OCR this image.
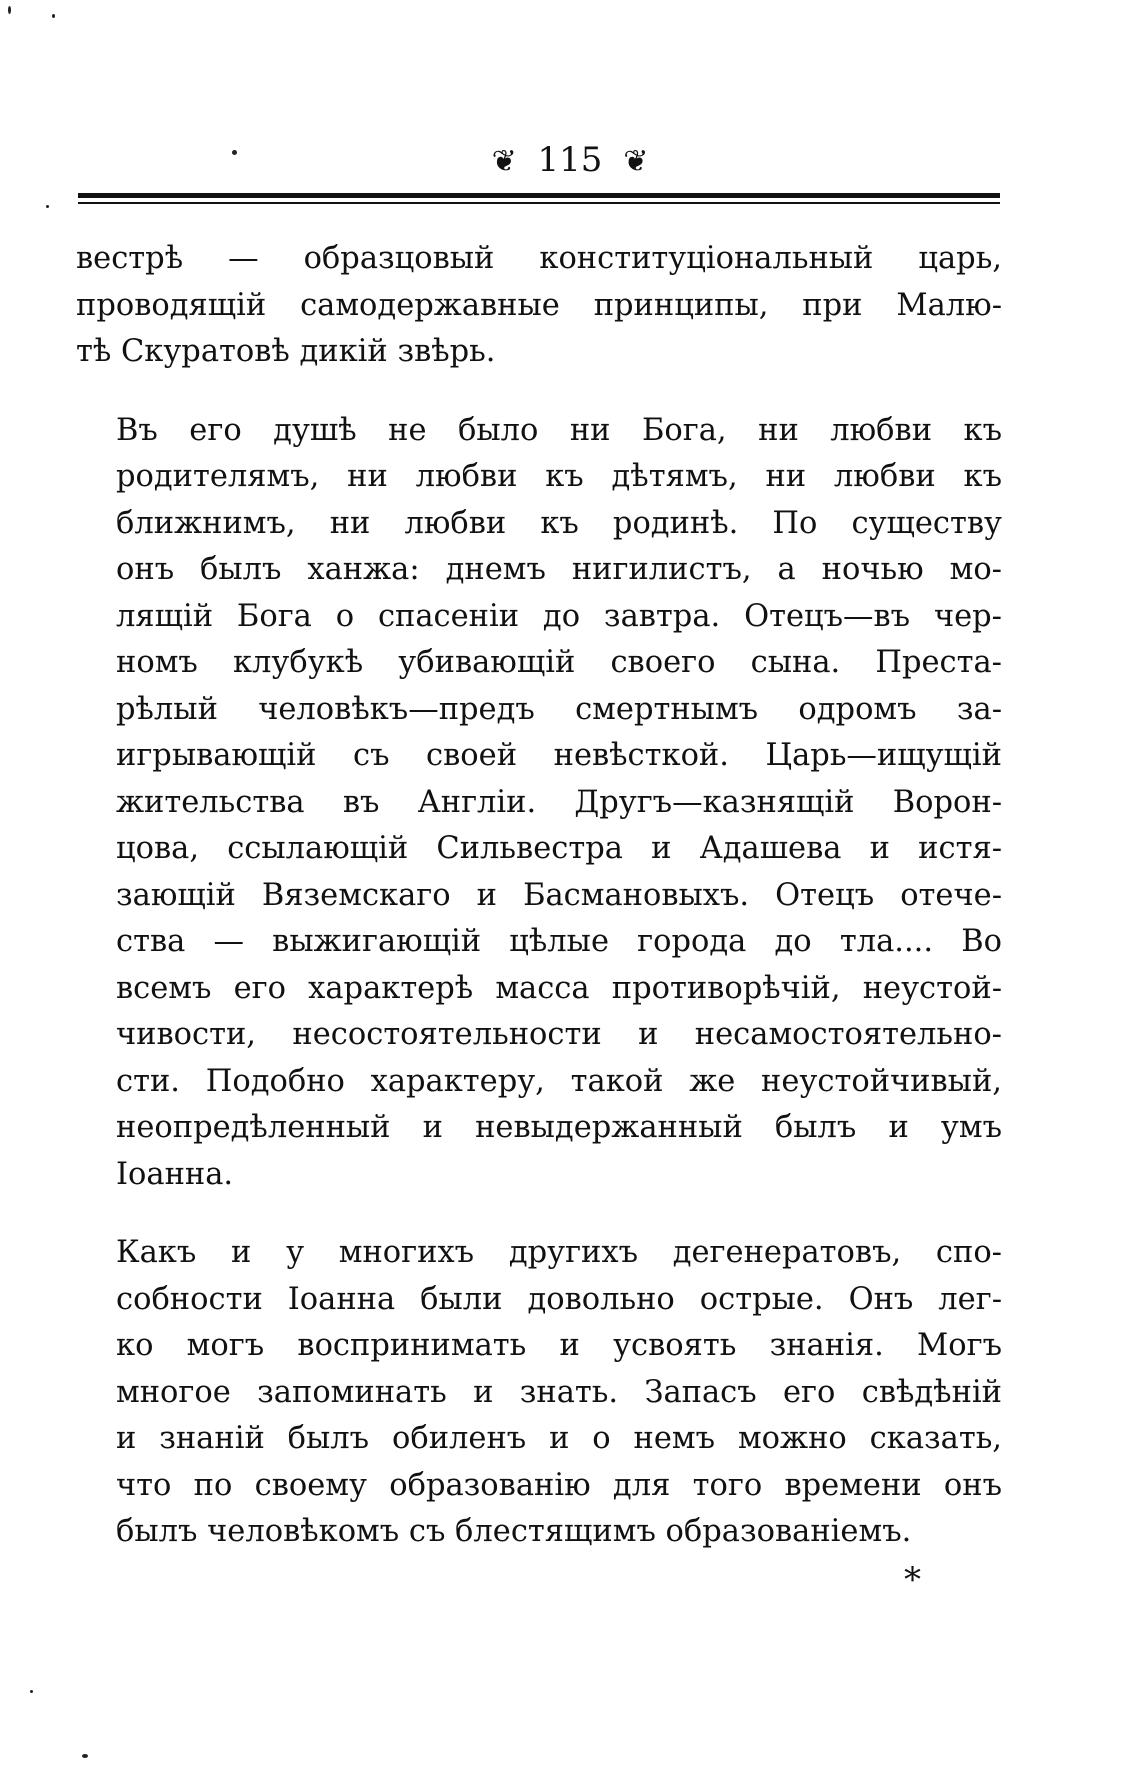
❦ 115 ❦

вестрѣ — образцовый конституціональный царь,
проводящій самодержавные принципы, при Малю-
тѣ Скуратовѣ дикій звѣрь.

Въ его душѣ не было ни Бога, ни любви къ
родителямъ, ни любви къ дѣтямъ, ни любви къ
ближнимъ, ни любви къ родинѣ. По существу
онъ былъ ханжа: днемъ нигилистъ, а ночью мо-
лящій Бога о спасеніи до завтра. Отецъ—въ чер-
номъ клубукѣ убивающій своего сына. Преста-
рѣлый человѣкъ—предъ смертнымъ одромъ за-
игрывающій съ своей невѣсткой. Царь—ищущій
жительства въ Англіи. Другъ—казнящій Ворон-
цова, ссылающій Сильвестра и Адашева и истя-
зающій Вяземскаго и Басмановыхъ. Отецъ отече-
ства — выжигающій цѣлые города до тла.... Во
всемъ его характерѣ масса противорѣчій, неустой-
чивости, несостоятельности и несамостоятельно-
сти. Подобно характеру, такой же неустойчивый,
неопредѣленный и невыдержанный былъ и умъ
Іоанна.

Какъ и у многихъ другихъ дегенератовъ, спо-
собности Іоанна были довольно острые. Онъ лег-
ко могъ воспринимать и усвоять знанія. Могъ
многое запоминать и знать. Запасъ его свѣдѣній
и знаній былъ обиленъ и о немъ можно сказать,
что по своему образованію для того времени онъ
былъ человѣкомъ съ блестящимъ образованіемъ.

*
